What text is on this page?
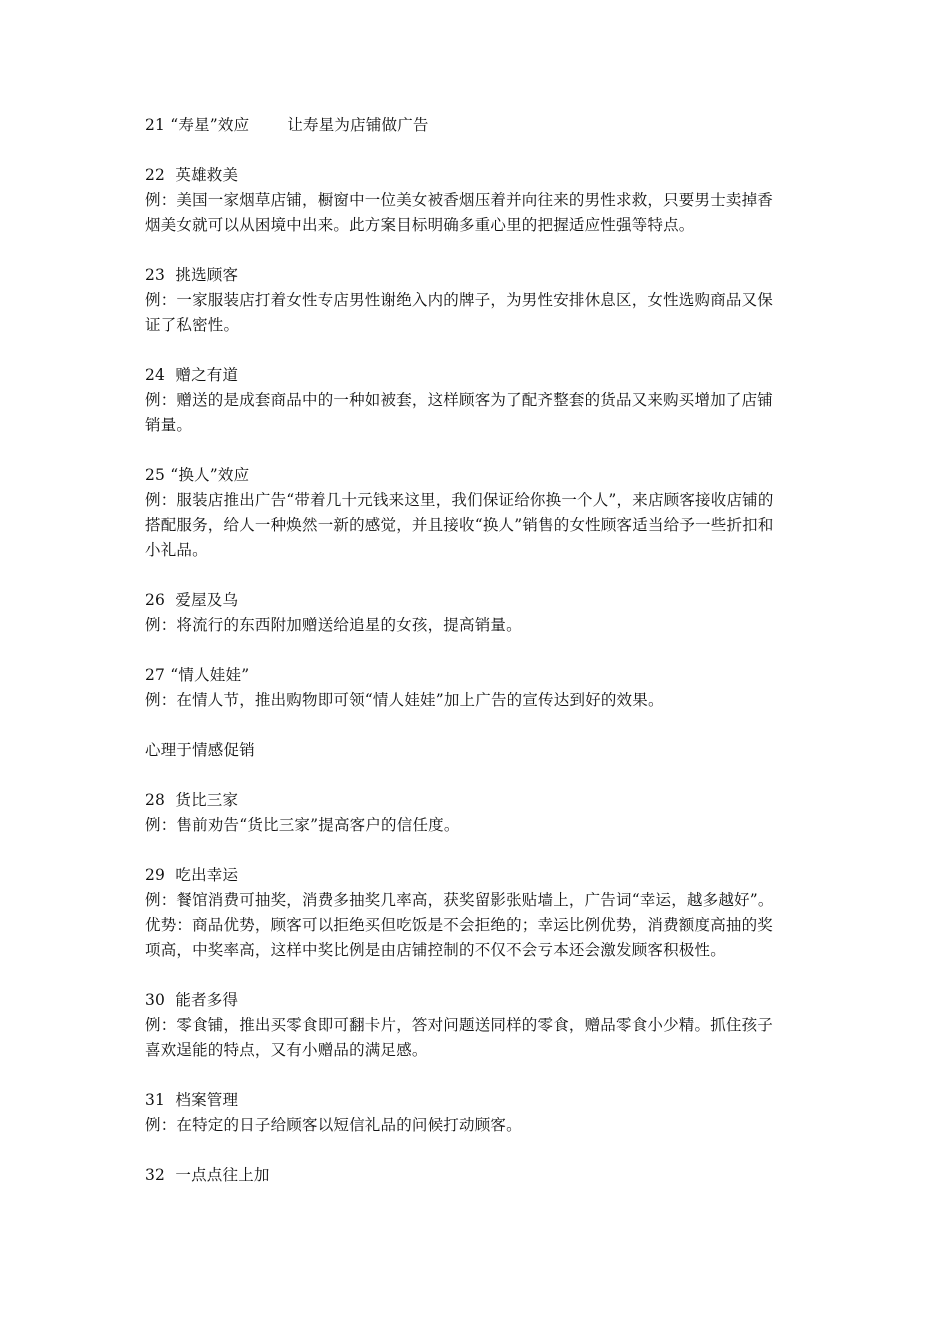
21 “寿星”效应 让寿星为店铺做广告
22 英雄救美
例：美国一家烟草店铺，橱窗中一位美女被香烟压着并向往来的男性求救，只要男士卖掉香
烟美女就可以从困境中出来。此方案目标明确多重心里的把握适应性强等特点。
23 挑选顾客
例：一家服装店打着女性专店男性谢绝入内的牌子，为男性安排休息区，女性选购商品又保
证了私密性。
24 赠之有道
例：赠送的是成套商品中的一种如被套，这样顾客为了配齐整套的货品又来购买增加了店铺
销量。
25 “换人”效应
例：服装店推出广告“带着几十元钱来这里，我们保证给你换一个人”，来店顾客接收店铺的
搭配服务，给人一种焕然一新的感觉，并且接收“换人”销售的女性顾客适当给予一些折扣和
小礼品。
26 爱屋及乌
例：将流行的东西附加赠送给追星的女孩，提高销量。
27 “情人娃娃”
例：在情人节，推出购物即可领“情人娃娃”加上广告的宣传达到好的效果。
心理于情感促销
28 货比三家
例：售前劝告“货比三家”提高客户的信任度。
29 吃出幸运
例：餐馆消费可抽奖，消费多抽奖几率高，获奖留影张贴墙上，广告词“幸运，越多越好”。
优势：商品优势，顾客可以拒绝买但吃饭是不会拒绝的；幸运比例优势，消费额度高抽的奖
项高，中奖率高，这样中奖比例是由店铺控制的不仅不会亏本还会激发顾客积极性。
30 能者多得
例：零食铺，推出买零食即可翻卡片，答对问题送同样的零食，赠品零食小少精。抓住孩子
喜欢逞能的特点，又有小赠品的满足感。
31 档案管理
例：在特定的日子给顾客以短信礼品的问候打动顾客。
32 一点点往上加
